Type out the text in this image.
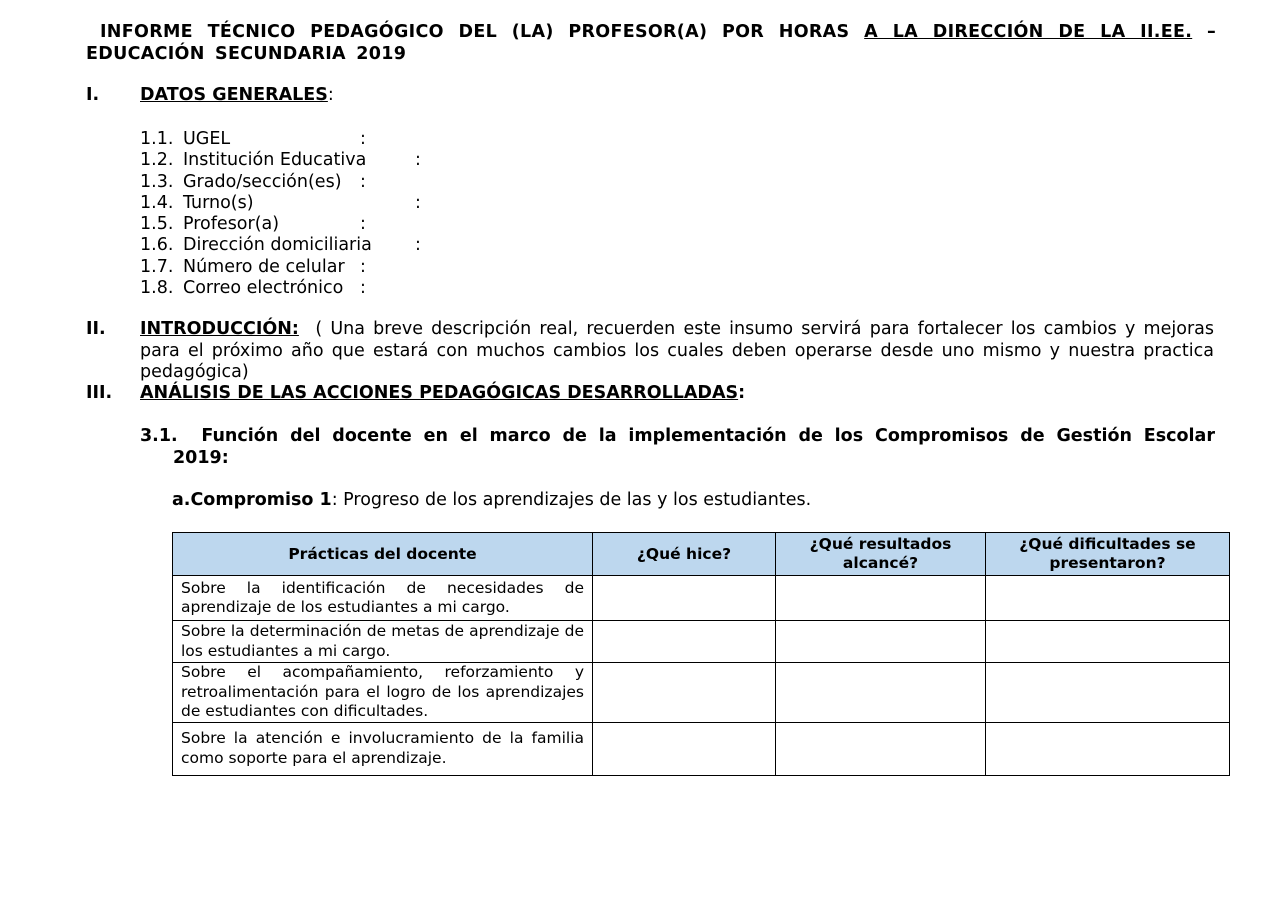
INFORME TÉCNICO PEDAGÓGICO DEL (LA) PROFESOR(A) POR HORAS A LA DIRECCIÓN DE LA II.EE. –
EDUCACIÓN SECUNDARIA 2019
I. DATOS GENERALES:
1.1. UGEL	:
1.2. Institución Educativa	:
1.3. Grado/sección(es) :
1.4. Turno(s)	:
1.5. Profesor(a)	:
1.6. Dirección domiciliaria :
1.7. Número de celular :
1.8. Correo electrónico :
II. INTRODUCCIÓN: ( Una breve descripción real, recuerden este insumo servirá para fortalecer los cambios y mejoras para el próximo año que estará con muchos cambios los cuales deben operarse desde uno mismo y nuestra practica pedagógica)
III. ANÁLISIS DE LAS ACCIONES PEDAGÓGICAS DESARROLLADAS:
3.1. Función del docente en el marco de la implementación de los Compromisos de Gestión Escolar
2019:
a.Compromiso 1: Progreso de los aprendizajes de las y los estudiantes.
Prácticas del docente	¿Qué hice?	¿Qué resultados alcancé?	¿Qué dificultades se presentaron?
Sobre la identificación de necesidades de aprendizaje de los estudiantes a mi cargo.			
Sobre la determinación de metas de aprendizaje de los estudiantes a mi cargo.			
Sobre el acompañamiento, reforzamiento y retroalimentación para el logro de los aprendizajes de estudiantes con dificultades.			
Sobre la atención e involucramiento de la familia como soporte para el aprendizaje.			
